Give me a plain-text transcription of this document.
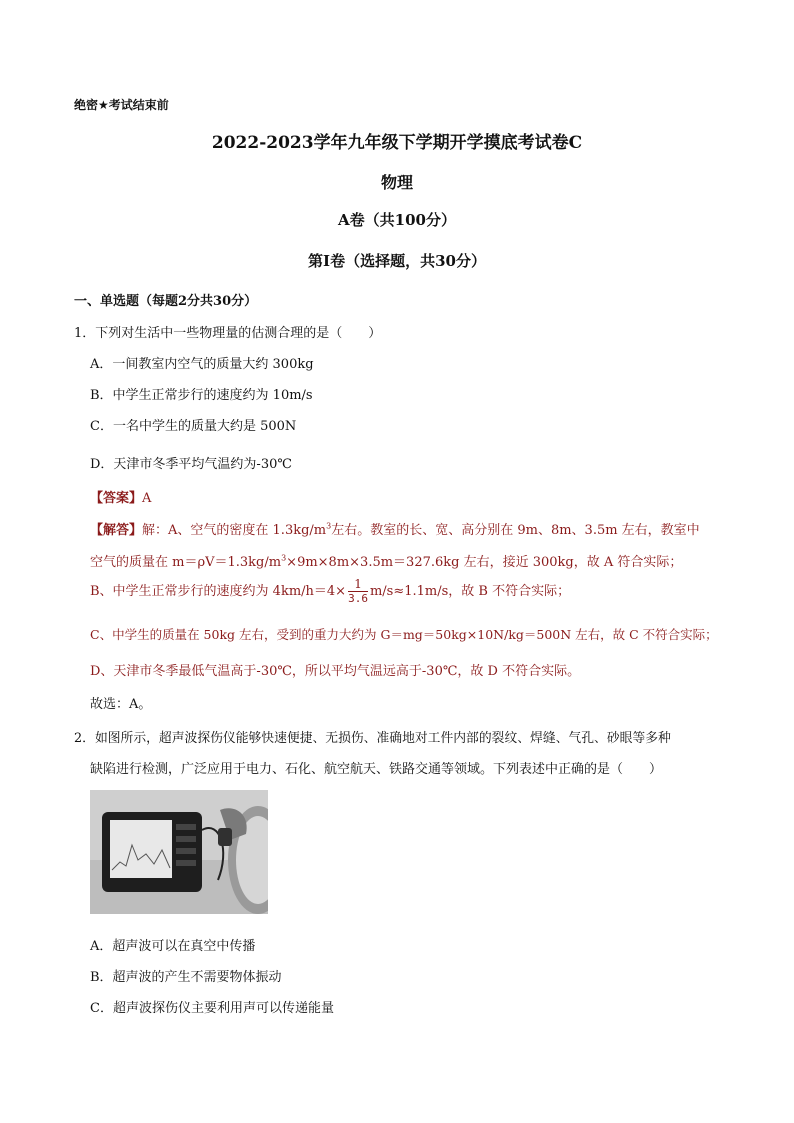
绝密★考试结束前
2022-2023学年九年级下学期开学摸底考试卷C
物理
A卷（共100分）
第Ⅰ卷（选择题，共30分）
一、单选题（每题2分共30分）
1．下列对生活中一些物理量的估测合理的是（　　）
A．一间教室内空气的质量大约 300kg
B．中学生正常步行的速度约为 10m/s
C．一名中学生的质量大约是 500N
D．天津市冬季平均气温约为-30℃
【答案】A
【解答】解：A、空气的密度在 $1.3kg/m^3$左右。教室的长、宽、高分别在 9m、8m、3.5m 左右，教室中
空气的质量在 $m=\rho V=1.3kg/m^3\times 9m\times 8m\times 3.5m=327.6kg$ 左右，接近 300kg，故 A 符合实际；
B、中学生正常步行的速度约为 $4km/h=4\times \frac{1}{3.6} m/s\approx 1.1m/s$，故 B 不符合实际；
C、中学生的质量在 50kg 左右，受到的重力大约为 G＝mg＝50kg×10N/kg＝500N 左右，故 C 不符合实际；
D、天津市冬季最低气温高于-30℃，所以平均气温远高于-30℃，故 D 不符合实际。
故选：A。
2．如图所示，超声波探伤仪能够快速便捷、无损伤、准确地对工件内部的裂纹、焊缝、气孔、砂眼等多种
缺陷进行检测，广泛应用于电力、石化、航空航天、铁路交通等领域。下列表述中正确的是（　　）
A．超声波可以在真空中传播
B．超声波的产生不需要物体振动
C．超声波探伤仪主要利用声可以传递能量
